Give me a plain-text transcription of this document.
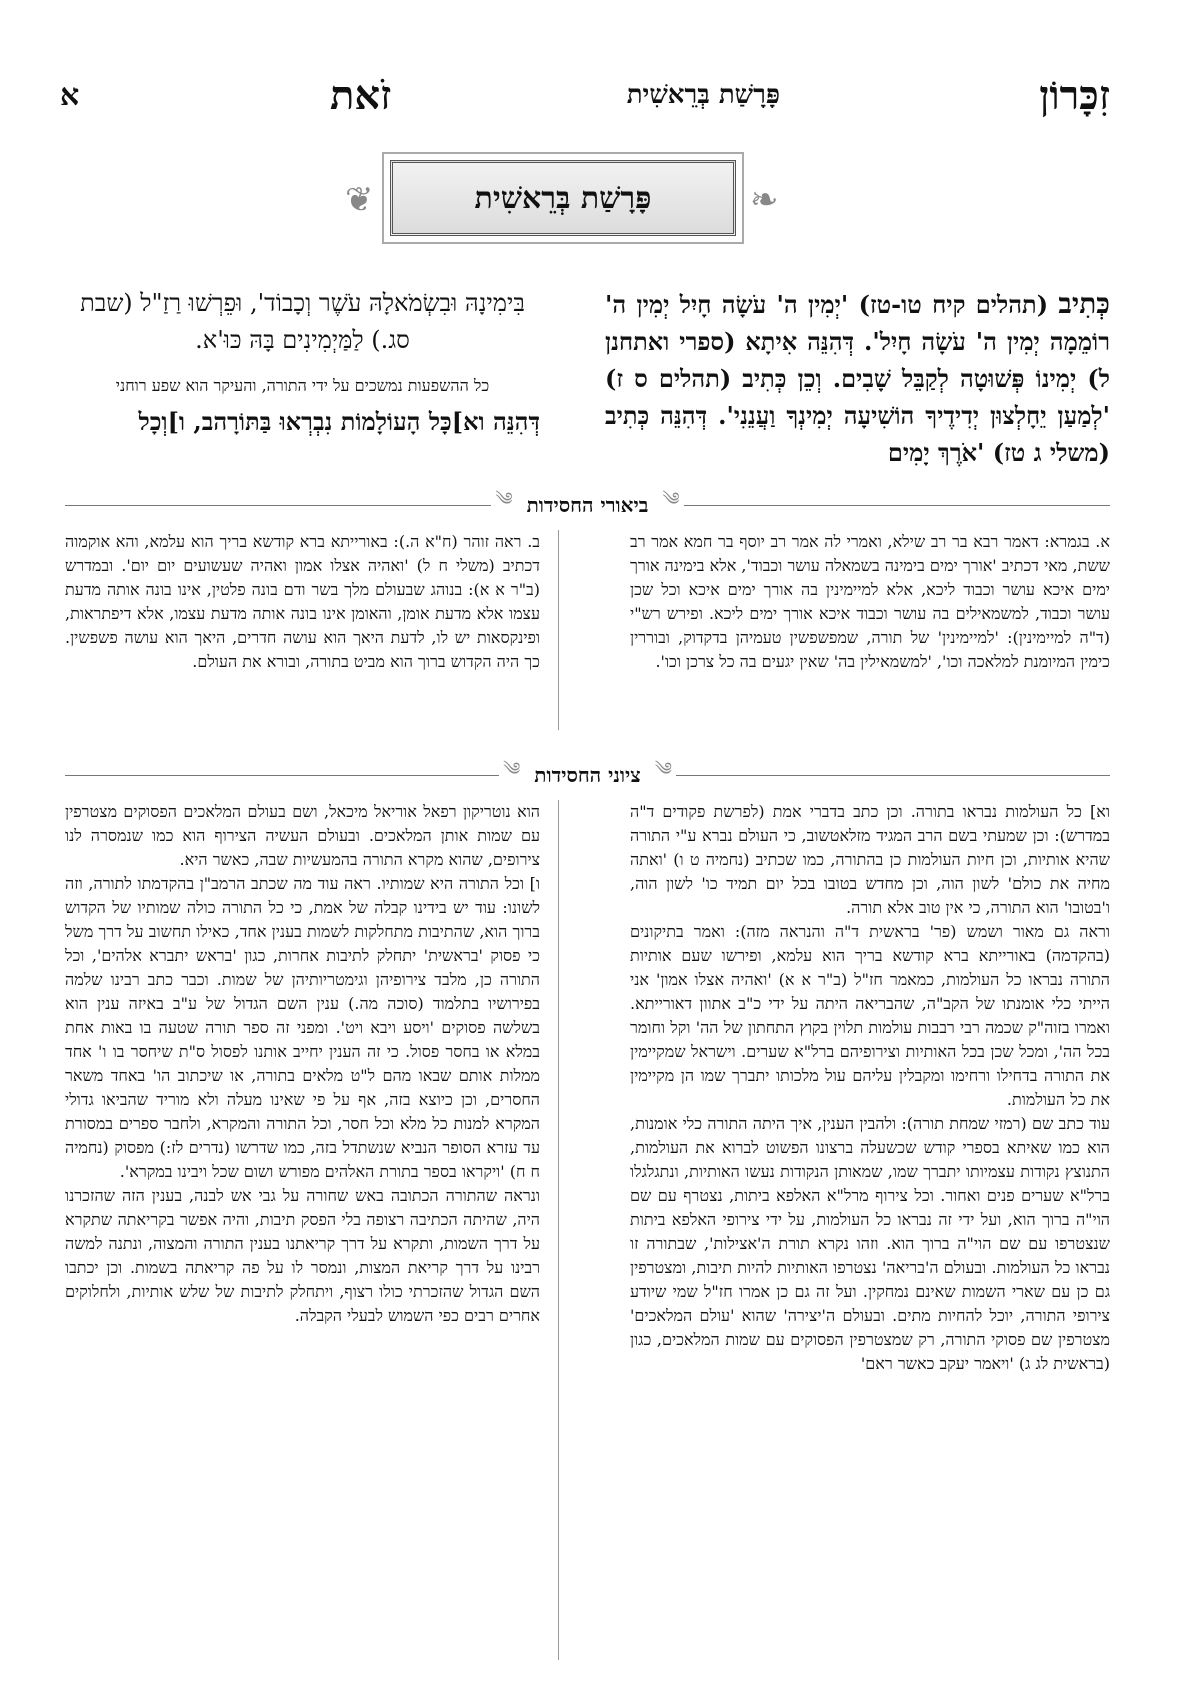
זִכָּרוֹן
פָּרָשַׁת בְּרֵאשִׁית
זֹאת
א
❦	❧
פָּרָשַׁת בְּרֵאשִׁית
כְּתִיב (תהלים קיח טו-טז) 'יְמִין ה' עֹשָׂה חָיִל יְמִין ה' רוֹמֵמָה יְמִין ה' עֹשָׂה חָיִל'. דְּהִנֵּה אִיתָא (ספרי ואתחנן ל) יְמִינוֹ פְּשׁוּטָה לְקַבֵּל שָׁבִים. וְכֵן כְּתִיב (תהלים ס ז) 'לְמַעַן יֵחָלְצוּן יְדִידֶיךָ הוֹשִׁיעָה יְמִינְךָ וַעֲנֵנִי'. דְּהִנֵּה כְּתִיב (משלי ג טז) 'אֹרֶךְ יָמִים

בִּימִינָהּ וּבִשְׂמֹאלָהּ עֹשֶׁר וְכָבוֹד', וּפֵרְשׁוּ רַזַ"ל (שבת סג.) לַמַּיְמִינִים בָּהּ כּוּ'א.

כל ההשפעות נמשכים על ידי התורה, והעיקר הוא שפע רוחני

דְּהִנֵּה וא]כָּל הָעוֹלָמוֹת נִבְרְאוּ בַּתּוֹרָהב, ו]וְכָל

༄
ביאורי החסידות
༄
א. בגמרא: דאמר רבא בר רב שילא, ואמרי לה אמר רב יוסף בר חמא אמר רב ששת, מאי דכתיב 'אורך ימים בימינה בשמאלה עושר וכבוד', אלא בימינה אורך ימים איכא עושר וכבוד ליכא, אלא למיימינין בה אורך ימים איכא וכל שכן עושר וכבוד, למשמאילים בה עושר וכבוד איכא אורך ימים ליכא. ופירש רש"י (ד"ה למיימינין): 'למיימינין' של תורה, שמפשפשין טעמיהן בדקדוק, ובוררין כימין המיומנת למלאכה וכו', 'למשמאילין בה' שאין יגעים בה כל צרכן וכו'.
ב. ראה זוהר (ח"א ה.): באורייתא ברא קודשא בריך הוא עלמא, והא אוקמוה דכתיב (משלי ח ל) 'ואהיה אצלו אמון ואהיה שעשועים יום יום'. ובמדרש (ב"ר א א): בנוהג שבעולם מלך בשר ודם בונה פלטין, אינו בונה אותה מדעת עצמו אלא מדעת אומן, והאומן אינו בונה אותה מדעת עצמו, אלא דיפתראות, ופינקסאות יש לו, לדעת היאך הוא עושה חדרים, היאך הוא עושה פשפשין. כך היה הקדוש ברוך הוא מביט בתורה, ובורא את העולם.
༄
ציוני החסידות
༄

וא] כל העולמות נבראו בתורה. וכן כתב בדברי אמת (לפרשת פקודים ד"ה במדרש): וכן שמעתי בשם הרב המגיד מזלאטשוב, כי העולם נברא ע"י התורה שהיא אותיות, וכן חיות העולמות כן בהתורה, כמו שכתיב (נחמיה ט ו) 'ואתה מחיה את כולם' לשון הוה, וכן מחדש בטובו בכל יום תמיד כו' לשון הוה, ו'בטובו' הוא התורה, כי אין טוב אלא תורה.

וראה גם מאור ושמש (פר' בראשית ד"ה והנראה מזה): ואמר בתיקונים (בהקדמה) באורייתא ברא קודשא בריך הוא עלמא, ופירשו שעם אותיות התורה נבראו כל העולמות, כמאמר חז"ל (ב"ר א א) 'ואהיה אצלו אמון' אני הייתי כלי אומנתו של הקב"ה, שהבריאה היתה על ידי כ"ב אתוון דאורייתא. ואמרו בזוה"ק שכמה רבי רבבות עולמות תלוין בקוץ התחתון של הה' וקל וחומר בכל הה', ומכל שכן בכל האותיות וצירופיהם ברל"א שערים. וישראל שמקיימין את התורה בדחילו ורחימו ומקבלין עליהם עול מלכותו יתברך שמו הן מקיימין את כל העולמות.

עוד כתב שם (רמזי שמחת תורה): ולהבין הענין, איך היתה התורה כלי אומנות, הוא כמו שאיתא בספרי קודש שכשעלה ברצונו הפשוט לברוא את העולמות, התנוצץ נקודות עצמיותו יתברך שמו, שמאותן הנקודות נעשו האותיות, ונתגלגלו ברל"א שערים פנים ואחור. וכל צירוף מרל"א האלפא ביתות, נצטרף עם שם הוי"ה ברוך הוא, ועל ידי זה נבראו כל העולמות, על ידי צירופי האלפא ביתות שנצטרפו עם שם הוי"ה ברוך הוא. וזהו נקרא תורת ה'אצילות', שבתורה זו נבראו כל העולמות. ובעולם ה'בריאה' נצטרפו האותיות להיות תיבות, ומצטרפין גם כן עם שארי השמות שאינם נמחקין. ועל זה גם כן אמרו חז"ל שמי שיודע צירופי התורה, יוכל להחיות מתים. ובעולם ה'יצירה' שהוא 'עולם המלאכים' מצטרפין שם פסוקי התורה, רק שמצטרפין הפסוקים עם שמות המלאכים, כגון (בראשית לג ג) 'ויאמר יעקב כאשר ראם'

הוא נוטריקון רפאל אוריאל מיכאל, ושם בעולם המלאכים הפסוקים מצטרפין עם שמות אותן המלאכים. ובעולם העשיה הצירוף הוא כמו שנמסרה לנו צירופים, שהוא מקרא התורה בהמעשיות שבה, כאשר היא.

ו] וכל התורה היא שמותיו. ראה עוד מה שכתב הרמב"ן בהקדמתו לתורה, וזה לשונו: עוד יש בידינו קבלה של אמת, כי כל התורה כולה שמותיו של הקדוש ברוך הוא, שהתיבות מתחלקות לשמות בענין אחד, כאילו תחשוב על דרך משל כי פסוק 'בראשית' יתחלק לתיבות אחרות, כגון 'בראש יתברא אלהים', וכל התורה כן, מלבד צירופיהן וגימטריותיהן של שמות. וכבר כתב רבינו שלמה בפירושיו בתלמוד (סוכה מה.) ענין השם הגדול של ע"ב באיזה ענין הוא בשלשה פסוקים 'ויסע ויבא ויט'. ומפני זה ספר תורה שטעה בו באות אחת במלא או בחסר פסול. כי זה הענין יחייב אותנו לפסול ס"ת שיחסר בו ו' אחד ממלות אותם שבאו מהם ל"ט מלאים בתורה, או שיכתוב הו' באחד משאר החסרים, וכן כיוצא בזה, אף על פי שאינו מעלה ולא מוריד שהביאו גדולי המקרא למנות כל מלא וכל חסר, וכל התורה והמקרא, ולחבר ספרים במסורת עד עזרא הסופר הנביא שנשתדל בזה, כמו שדרשו (נדרים לז:) מפסוק (נחמיה ח ח) 'ויקראו בספר בתורת האלהים מפורש ושום שכל ויבינו במקרא'.

ונראה שהתורה הכתובה באש שחורה על גבי אש לבנה, בענין הזה שהזכרנו היה, שהיתה הכתיבה רצופה בלי הפסק תיבות, והיה אפשר בקריאתה שתקרא על דרך השמות, ותקרא על דרך קריאתנו בענין התורה והמצוה, ונתנה למשה רבינו על דרך קריאת המצות, ונמסר לו על פה קריאתה בשמות. וכן יכתבו השם הגדול שהזכרתי כולו רצוף, ויתחלק לתיבות של שלש אותיות, ולחלוקים אחרים רבים כפי השמוש לבעלי הקבלה.
